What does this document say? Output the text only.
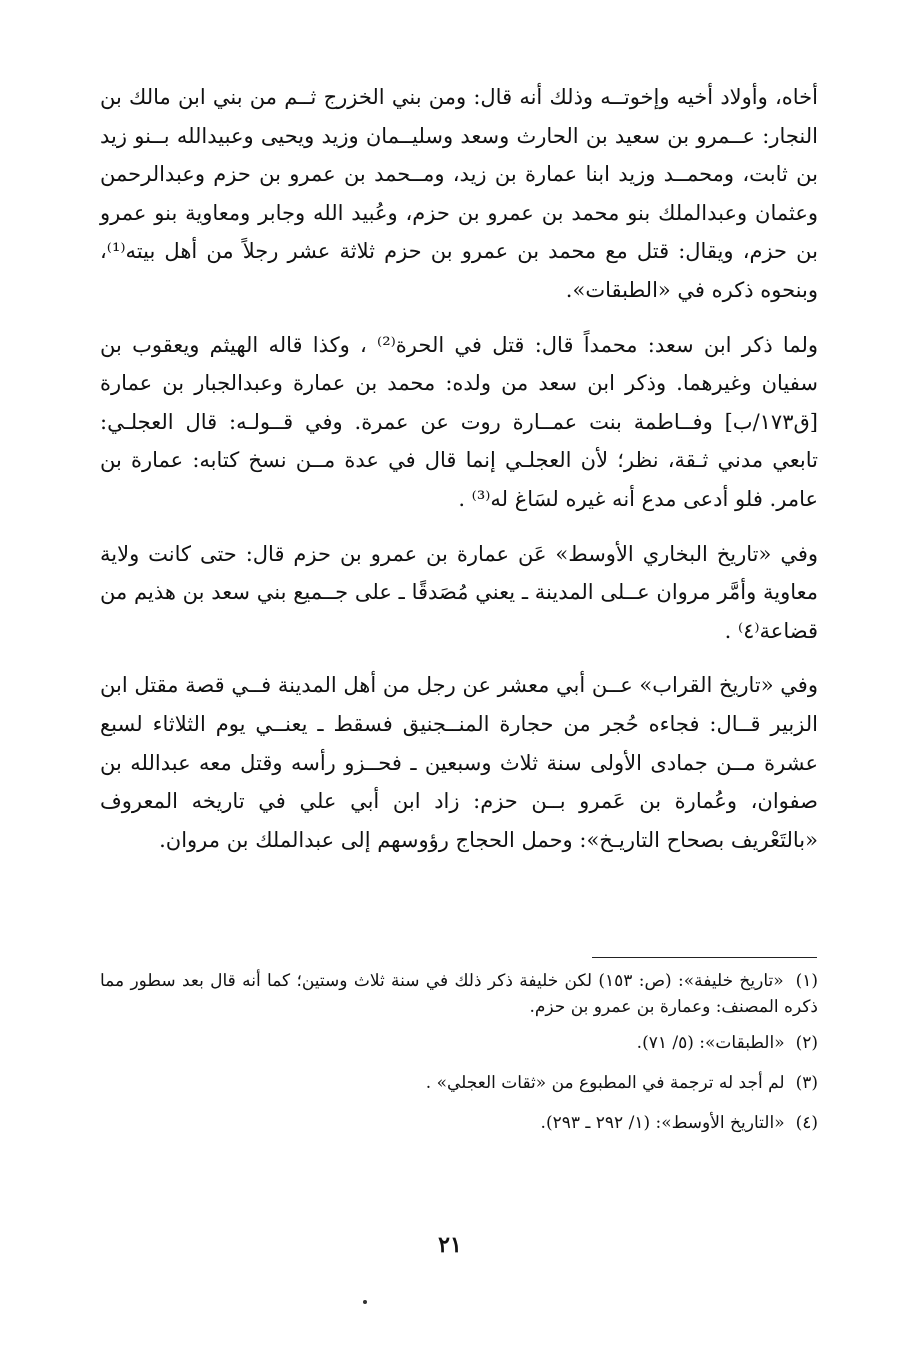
أخاه، وأولاد أخيه وإخوتــه وذلك أنه قال: ومن بني الخزرج ثــم من بني ابن مالك بن النجار: عــمرو بن سعيد بن الحارث وسعد وسليــمان وزيد ويحيى وعبيدالله بــنو زيد بن ثابت، ومحمــد وزيد ابنا عمارة بن زيد، ومــحمد بن عمرو بن حزم وعبدالرحمن وعثمان وعبدالملك بنو محمد بن عمرو بن حزم، وعُبيد الله وجابر ومعاوية بنو عمرو بن حزم، ويقال: قتل مع محمد بن عمرو بن حزم ثلاثة عشر رجلاً من أهل بيته⁽¹⁾، وبنحوه ذكره في «الطبقات».

ولما ذكر ابن سعد: محمداً قال: قتل في الحرة⁽²⁾ ، وكذا قاله الهيثم ويعقوب بن سفيان وغيرهما. وذكر ابن سعد من ولده: محمد بن عمارة وعبدالجبار بن عمارة [ق١٧٣/ب] وفــاطمة بنت عمــارة روت عن عمرة. وفي قــولـه: قال العجلـي: تابعي مدني ثـقة، نظر؛ لأن العجلـي إنما قال في عدة مــن نسخ كتابه: عمارة بن عامر. فلو أدعى مدع أنه غيره لسَاغ له⁽³⁾ .

وفي «تاريخ البخاري الأوسط» عَن عمارة بن عمرو بن حزم قال: حتى كانت ولاية معاوية وأمَّر مروان عــلى المدينة ـ يعني مُصَدقًا ـ على جــميع بني سعد بن هذيم من قضاعة⁽٤⁾ .

وفي «تاريخ القراب» عــن أبي معشر عن رجل من أهل المدينة فــي قصة مقتل ابن الزبير قــال: فجاءه حُجر من حجارة المنــجنيق فسقط ـ يعنــي يوم الثلاثاء لسبع عشرة مــن جمادى الأولى سنة ثلاث وسبعين ـ فحــزو رأسه وقتل معه عبدالله بن صفوان، وعُمارة بن عَمرو بــن حزم: زاد ابن أبي علي في تاريخه المعروف «بالتَعْريف بصحاح التاريـخ»: وحمل الحجاج رؤوسهم إلى عبدالملك بن مروان.

(١) «تاريخ خليفة»: (ص: ١٥٣) لكن خليفة ذكر ذلك في سنة ثلاث وستين؛ كما أنه قال بعد سطور مما ذكره المصنف: وعمارة بن عمرو بن حزم.
(٢) «الطبقات»: (٥/ ٧١).
(٣) لم أجد له ترجمة في المطبوع من «ثقات العجلي» .
(٤) «التاريخ الأوسط»: (١/ ٢٩٢ ـ ٢٩٣).
٢١
